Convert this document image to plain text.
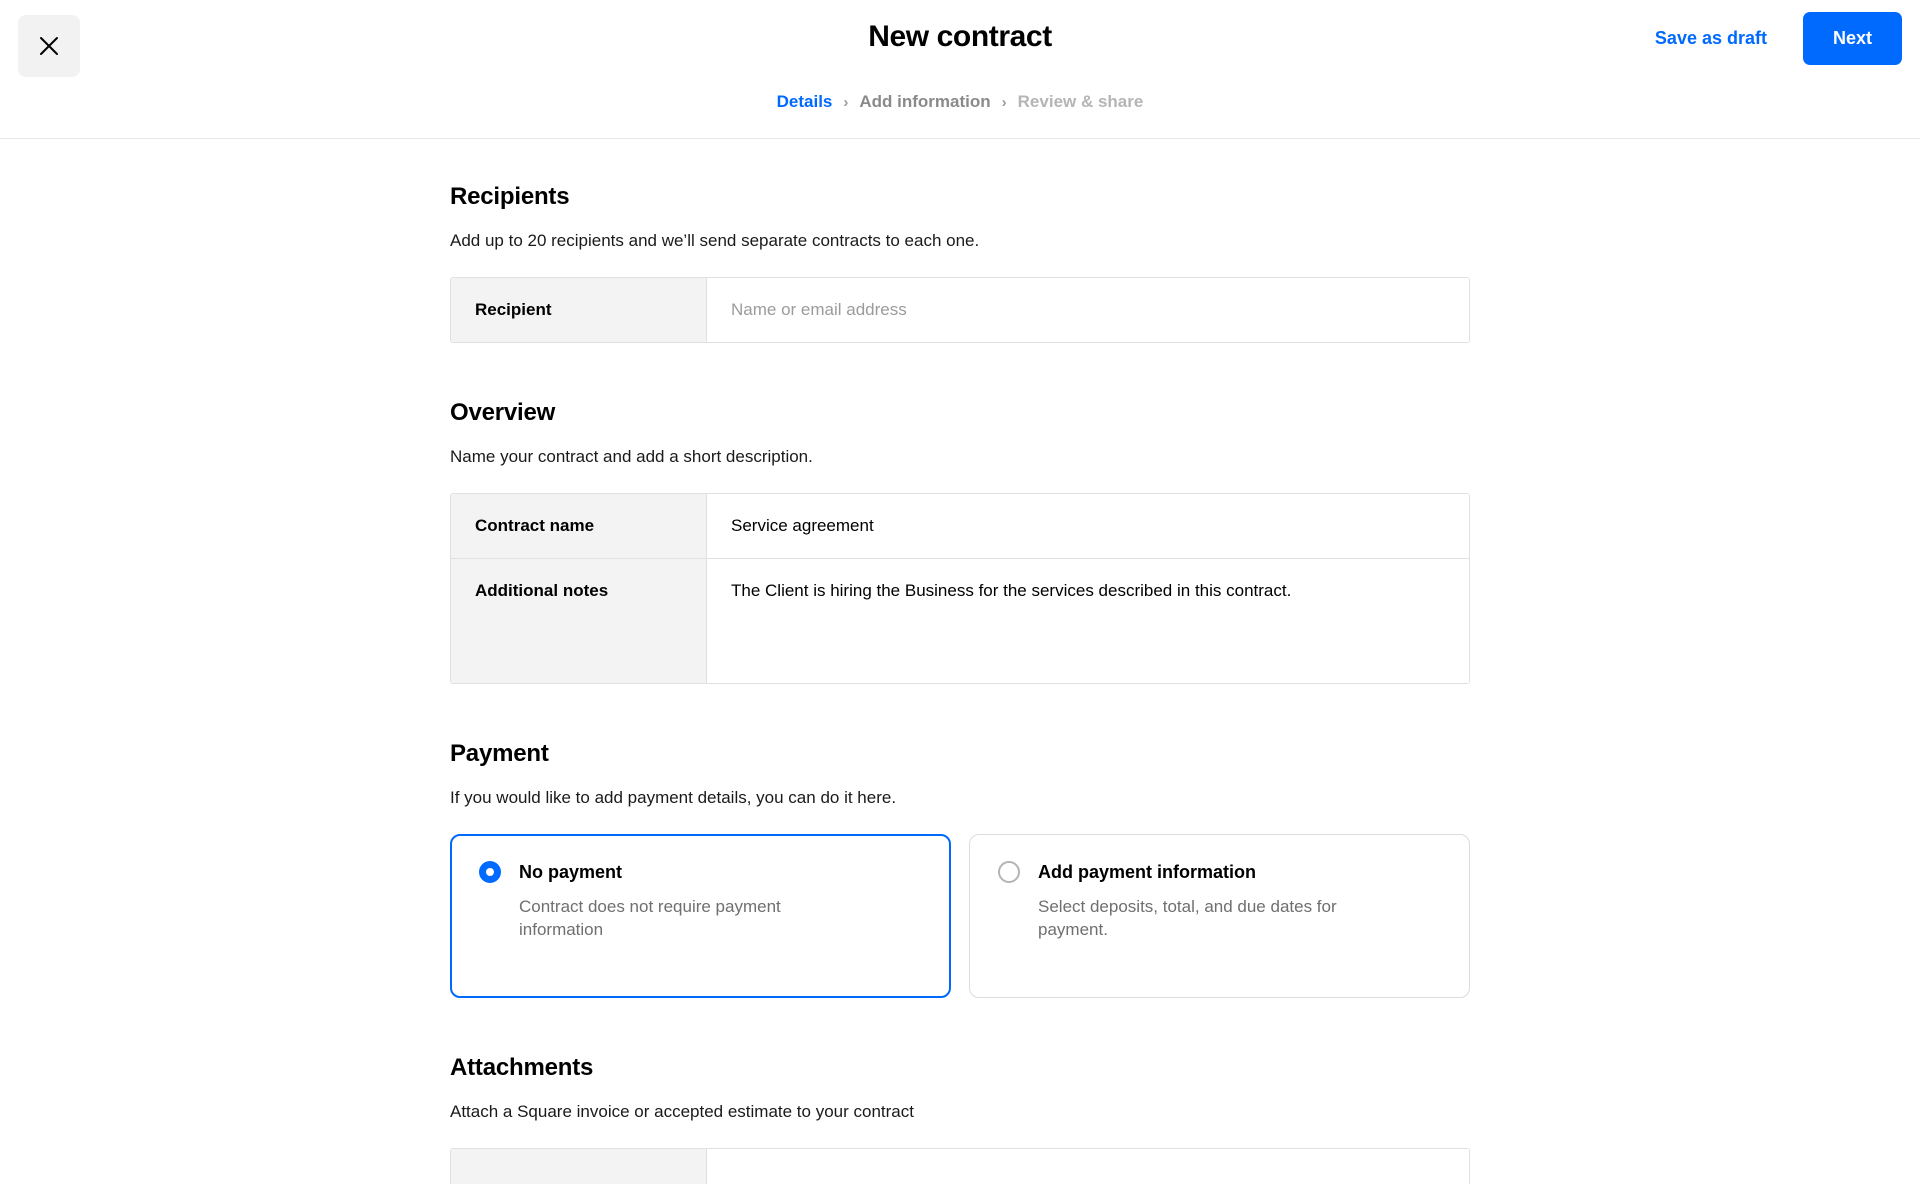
New contract	Save as draft	Next
Details › Add information › Review & share
Recipients

Add up to 20 recipients and we’ll send separate contracts to each one.

Recipient	Name or email address
Overview

Name your contract and add a short description.

Contract name	Service agreement
Additional notes	The Client is hiring the Business for the services described in this contract.
Payment

If you would like to add payment details, you can do it here.

No payment
Contract does not require payment information
Add payment information
Select deposits, total, and due dates for payment.
Attachments

Attach a Square invoice or accepted estimate to your contract
